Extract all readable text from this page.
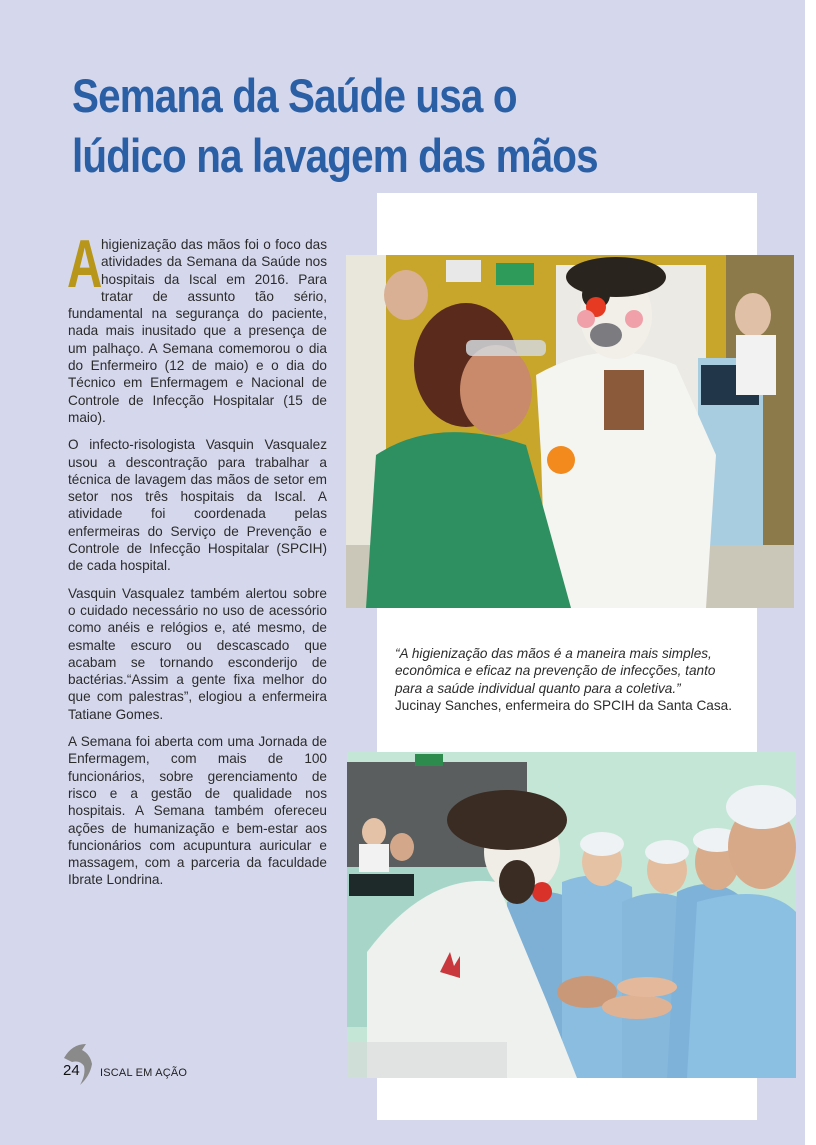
Semana da Saúde usa o
lúdico na lavagem das mãos

A
higienização das mãos foi o foco das atividades da Semana da Saúde nos hospitais da Iscal em 2016. Para tratar de assunto tão sério, fundamental na segurança do paciente, nada mais inusitado que a presença de um palhaço. A Semana comemorou o dia do Enfermeiro (12 de maio) e o dia do Técnico em Enfermagem e Nacional de Controle de Infecção Hospitalar (15 de maio).

O infecto-risologista Vasquin Vasqualez usou a descontração para trabalhar a técnica de lavagem das mãos de setor em setor nos três hospitais da Iscal. A atividade foi coordenada pelas enfermeiras do Serviço de Prevenção e Controle de Infecção Hospitalar (SPCIH) de cada hospital.

Vasquin Vasqualez também alertou sobre o cuidado necessário no uso de acessório como anéis e relógios e, até mesmo, de esmalte escuro ou descascado que acabam se tornando esconderijo de bactérias.“Assim a gente fixa melhor do que com palestras”, elogiou a enfermeira Tatiane Gomes.

A Semana foi aberta com uma Jornada de Enfermagem, com mais de 100 funcionários, sobre gerenciamento de risco e a gestão de qualidade nos hospitais. A Semana também ofereceu ações de humanização e bem-estar aos funcionários com acupuntura auricular e massagem, com a parceria da faculdade Ibrate Londrina.

“A higienização das mãos é a maneira mais simples, econômica e eficaz na prevenção de infecções, tanto para a saúde individual quanto para a coletiva.”
Jucinay Sanches, enfermeira do SPCIH da Santa Casa.
24 ISCAL EM AÇÃO
